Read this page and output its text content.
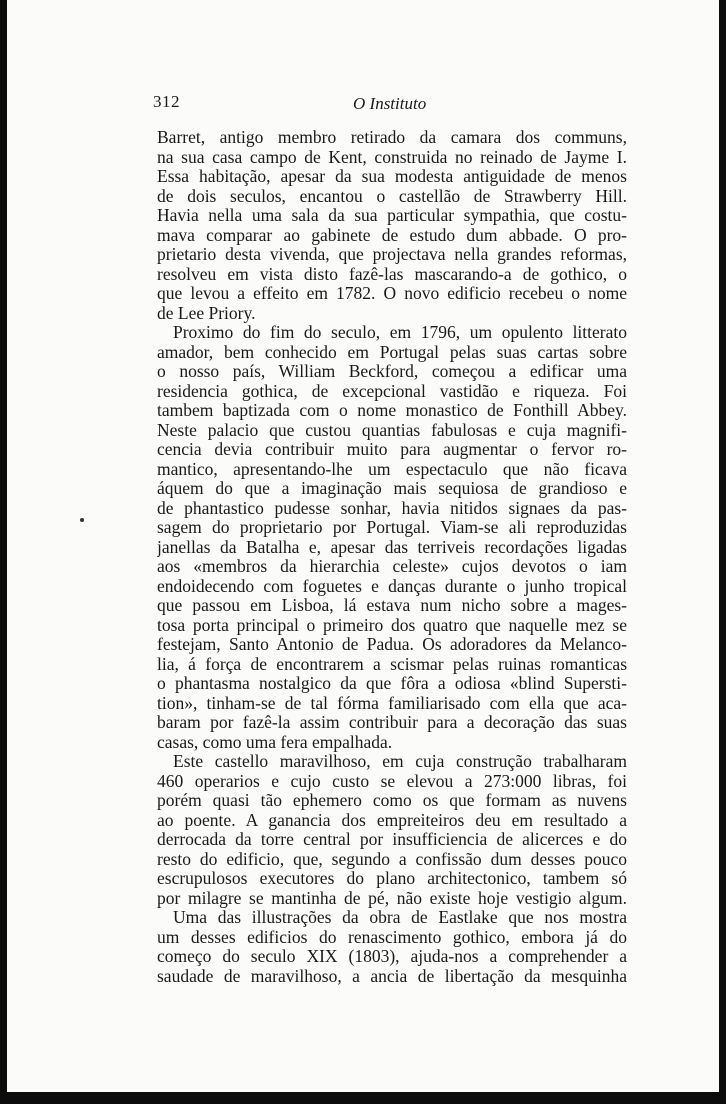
312	O Instituto
Barret, antigo membro retirado da camara dos communs,
na sua casa campo de Kent, construida no reinado de Jayme I.
Essa habitação, apesar da sua modesta antiguidade de menos
de dois seculos, encantou o castellão de Strawberry Hill.
Havia nella uma sala da sua particular sympathia, que costu-
mava comparar ao gabinete de estudo dum abbade. O pro-
prietario desta vivenda, que projectava nella grandes reformas,
resolveu em vista disto fazê-las mascarando-a de gothico, o
que levou a effeito em 1782. O novo edificio recebeu o nome
de Lee Priory.
Proximo do fim do seculo, em 1796, um opulento litterato
amador, bem conhecido em Portugal pelas suas cartas sobre
o nosso país, William Beckford, começou a edificar uma
residencia gothica, de excepcional vastidão e riqueza. Foi
tambem baptizada com o nome monastico de Fonthill Abbey.
Neste palacio que custou quantias fabulosas e cuja magnifi-
cencia devia contribuir muito para augmentar o fervor ro-
mantico, apresentando-lhe um espectaculo que não ficava
áquem do que a imaginação mais sequiosa de grandioso e
de phantastico pudesse sonhar, havia nitidos signaes da pas-
sagem do proprietario por Portugal. Viam-se ali reproduzidas
janellas da Batalha e, apesar das terriveis recordações ligadas
aos «membros da hierarchia celeste» cujos devotos o iam
endoidecendo com foguetes e danças durante o junho tropical
que passou em Lisboa, lá estava num nicho sobre a mages-
tosa porta principal o primeiro dos quatro que naquelle mez se
festejam, Santo Antonio de Padua. Os adoradores da Melanco-
lia, á força de encontrarem a scismar pelas ruinas romanticas
o phantasma nostalgico da que fôra a odiosa «blind Supersti-
tion», tinham-se de tal fórma familiarisado com ella que aca-
baram por fazê-la assim contribuir para a decoração das suas
casas, como uma fera empalhada.
Este castello maravilhoso, em cuja construção trabalharam
460 operarios e cujo custo se elevou a 273:000 libras, foi
porém quasi tão ephemero como os que formam as nuvens
ao poente. A ganancia dos empreiteiros deu em resultado a
derrocada da torre central por insufficiencia de alicerces e do
resto do edificio, que, segundo a confissão dum desses pouco
escrupulosos executores do plano architectonico, tambem só
por milagre se mantinha de pé, não existe hoje vestigio algum.
Uma das illustrações da obra de Eastlake que nos mostra
um desses edificios do renascimento gothico, embora já do
começo do seculo XIX (1803), ajuda-nos a comprehender a
saudade de maravilhoso, a ancia de libertação da mesquinha
